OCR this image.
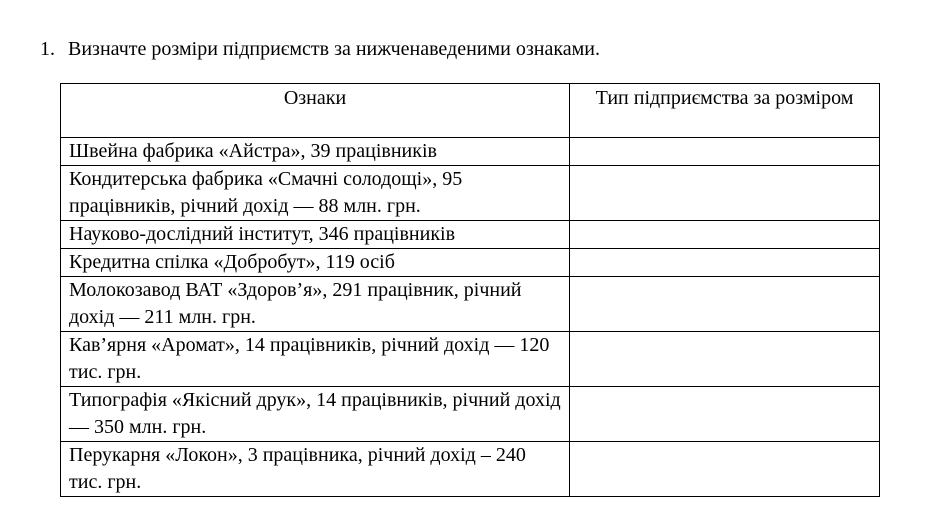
1. Визначте розміри підприємств за нижченаведеними ознаками.
Ознаки	Тип підприємства за розміром
Швейна фабрика «Айстра», 39 працівників	
Кондитерська фабрика «Смачні солодощі», 95 працівників, річний дохід — 88 млн. грн.	
Науково-дослідний інститут, 346 працівників	
Кредитна спілка «Добробут», 119 осіб	
Молокозавод ВАТ «Здоров’я», 291 працівник, річний дохід — 211 млн. грн.	
Кав’ярня «Аромат», 14 працівників, річний дохід — 120 тис. грн.	
Типографія «Якісний друк», 14 працівників, річний дохід — 350 млн. грн.	
Перукарня «Локон», 3 працівника, річний дохід – 240 тис. грн.	
